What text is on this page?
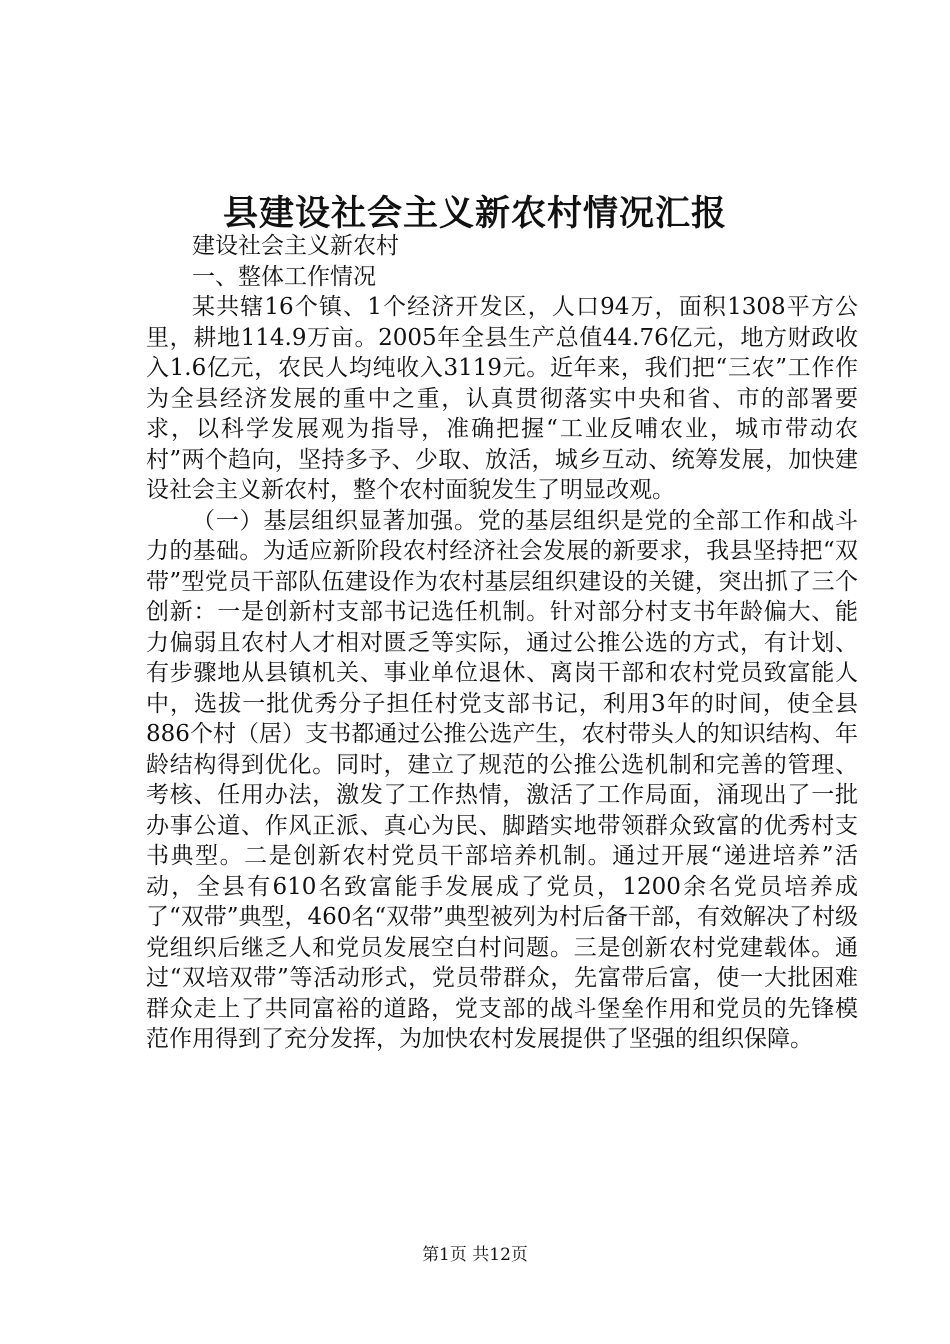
县建设社会主义新农村情况汇报

建设社会主义新农村

一、整体工作情况

某共辖16个镇、1个经济开发区，人口94万，面积1308平方公里，耕地114.9万亩。2005年全县生产总值44.76亿元，地方财政收入1.6亿元，农民人均纯收入3119元。近年来，我们把“三农”工作作为全县经济发展的重中之重，认真贯彻落实中央和省、市的部署要求，以科学发展观为指导，准确把握“工业反哺农业，城市带动农村”两个趋向，坚持多予、少取、放活，城乡互动、统筹发展，加快建设社会主义新农村，整个农村面貌发生了明显改观。

（一）基层组织显著加强。党的基层组织是党的全部工作和战斗力的基础。为适应新阶段农村经济社会发展的新要求，我县坚持把“双带”型党员干部队伍建设作为农村基层组织建设的关键，突出抓了三个创新：一是创新村支部书记选任机制。针对部分村支书年龄偏大、能力偏弱且农村人才相对匮乏等实际，通过公推公选的方式，有计划、有步骤地从县镇机关、事业单位退休、离岗干部和农村党员致富能人中，选拔一批优秀分子担任村党支部书记，利用3年的时间，使全县886个村（居）支书都通过公推公选产生，农村带头人的知识结构、年龄结构得到优化。同时，建立了规范的公推公选机制和完善的管理、考核、任用办法，激发了工作热情，激活了工作局面，涌现出了一批办事公道、作风正派、真心为民、脚踏实地带领群众致富的优秀村支书典型。二是创新农村党员干部培养机制。通过开展“递进培养”活动，全县有610名致富能手发展成了党员，1200余名党员培养成了“双带”典型，460名“双带”典型被列为村后备干部，有效解决了村级党组织后继乏人和党员发展空白村问题。三是创新农村党建载体。通过“双培双带”等活动形式，党员带群众，先富带后富，使一大批困难群众走上了共同富裕的道路，党支部的战斗堡垒作用和党员的先锋模范作用得到了充分发挥，为加快农村发展提供了坚强的组织保障。

第1页 共12页
